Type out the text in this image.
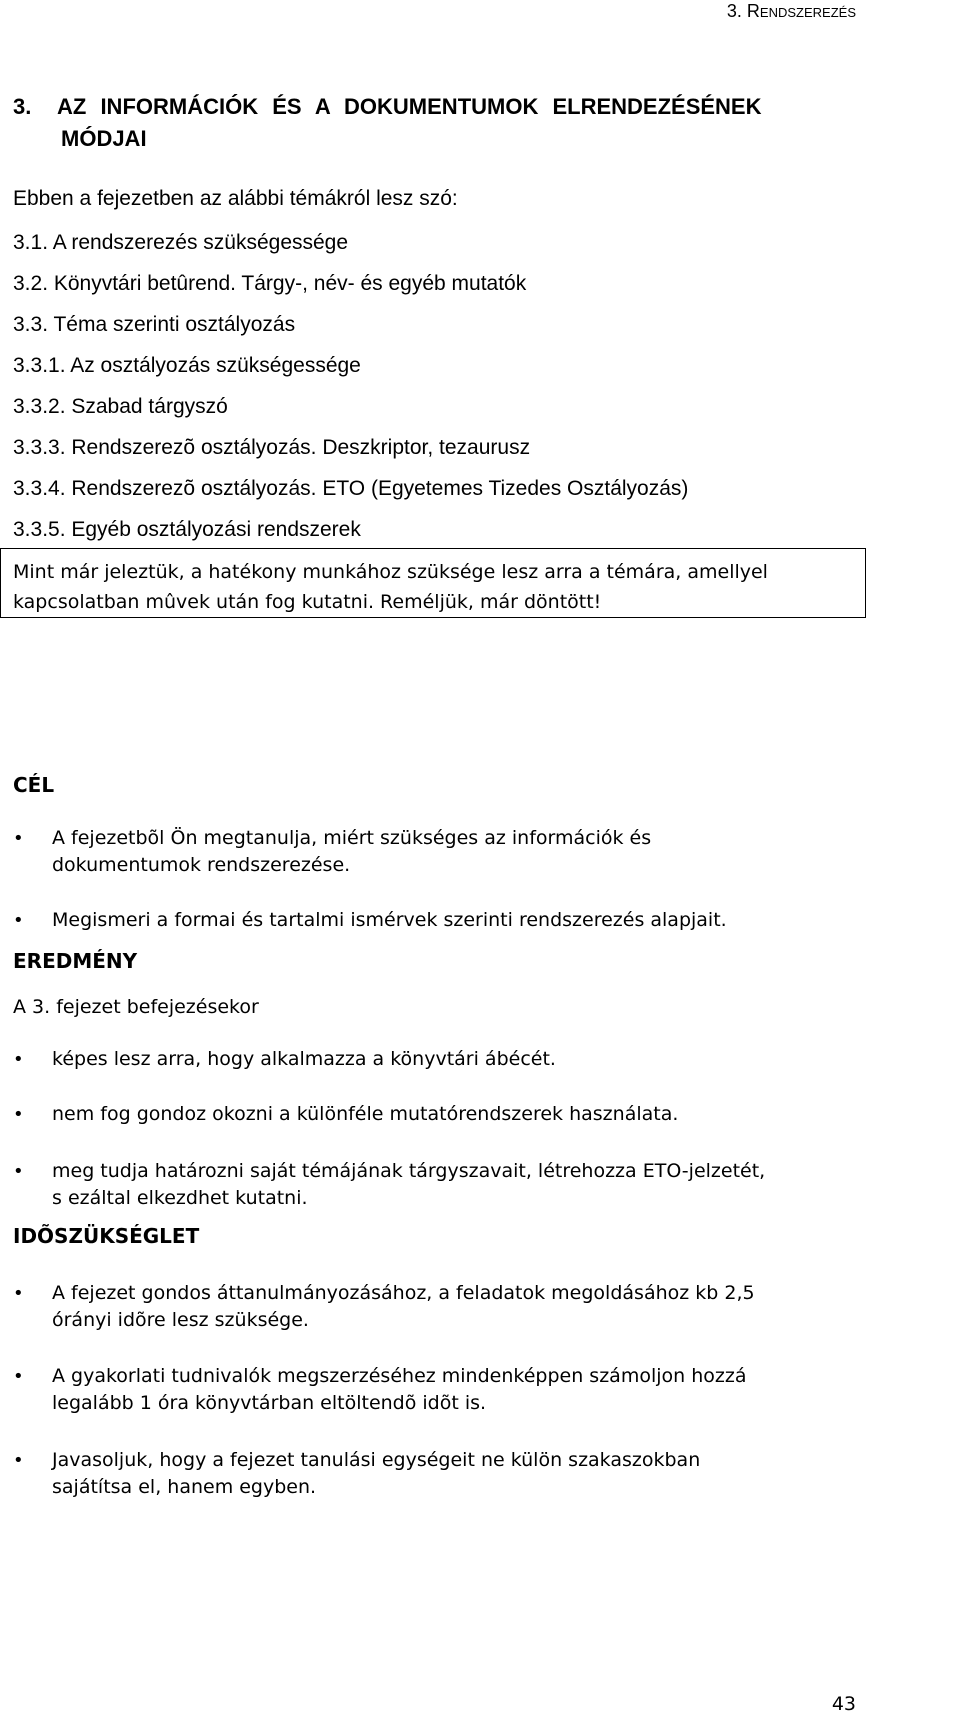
3. Rendszerezés
3. AZ INFORMÁCIÓK ÉS A DOKUMENTUMOK ELRENDEZÉSÉNEK
MÓDJAI
Ebben a fejezetben az alábbi témákról lesz szó:
3.1. A rendszerezés szükségessége
3.2. Könyvtári betûrend. Tárgy-, név- és egyéb mutatók
3.3. Téma szerinti osztályozás
3.3.1. Az osztályozás szükségessége
3.3.2. Szabad tárgyszó
3.3.3. Rendszerezõ osztályozás. Deszkriptor, tezaurusz
3.3.4. Rendszerezõ osztályozás. ETO (Egyetemes Tizedes Osztályozás)
3.3.5. Egyéb osztályozási rendszerek
Mint már jeleztük, a hatékony munkához szüksége lesz arra a témára, amellyel
kapcsolatban mûvek után fog kutatni. Reméljük, már döntött!
CÉL
• A fejezetbõl Ön megtanulja, miért szükséges az információk és
dokumentumok rendszerezése.
• Megismeri a formai és tartalmi ismérvek szerinti rendszerezés alapjait.
EREDMÉNY
A 3. fejezet befejezésekor
• képes lesz arra, hogy alkalmazza a könyvtári ábécét.
• nem fog gondoz okozni a különféle mutatórendszerek használata.
• meg tudja határozni saját témájának tárgyszavait, létrehozza ETO-jelzetét,
s ezáltal elkezdhet kutatni.
IDÕSZÜKSÉGLET
• A fejezet gondos áttanulmányozásához, a feladatok megoldásához kb 2,5
órányi idõre lesz szüksége.
• A gyakorlati tudnivalók megszerzéséhez mindenképpen számoljon hozzá
legalább 1 óra könyvtárban eltöltendõ idõt is.
• Javasoljuk, hogy a fejezet tanulási egységeit ne külön szakaszokban
sajátítsa el, hanem egyben.
43
